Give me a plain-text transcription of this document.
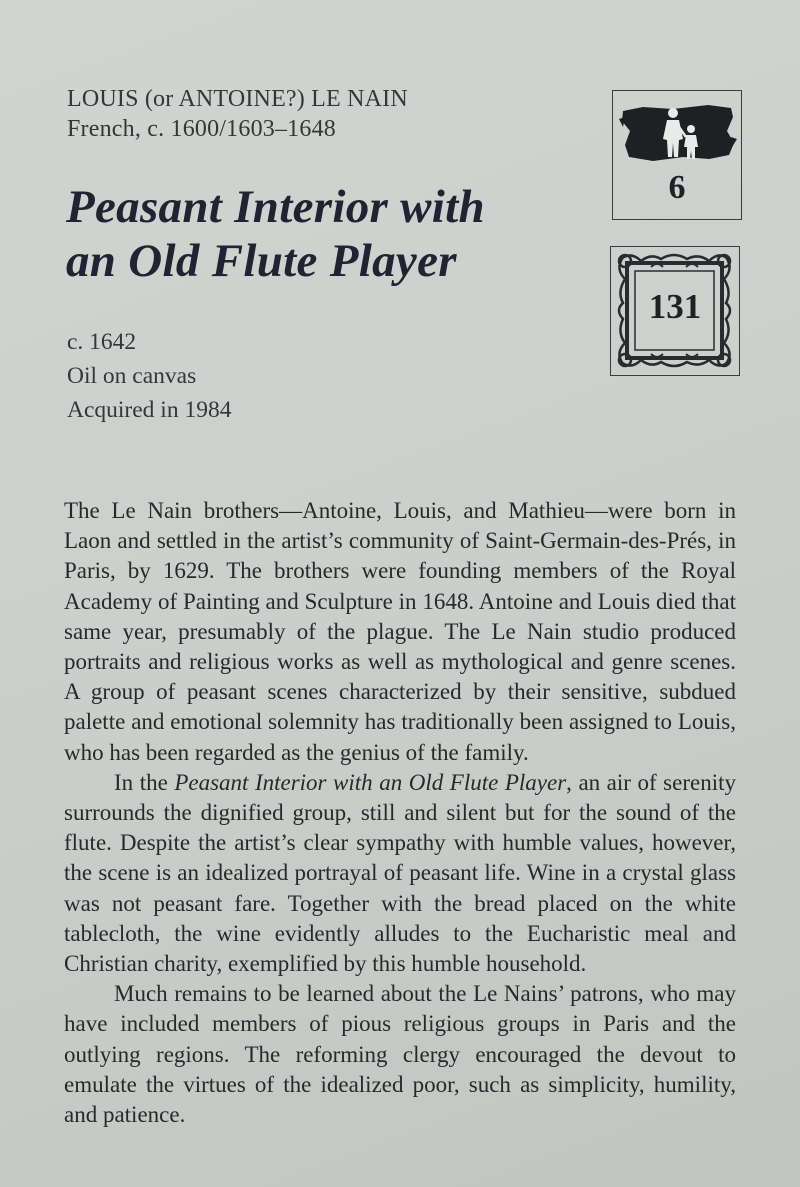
LOUIS (or ANTOINE?) LE NAIN
French, c. 1600/1603–1648
Peasant Interior with
an Old Flute Player
c. 1642
Oil on canvas
Acquired in 1984
6
131

The Le Nain brothers—Antoine, Louis, and Mathieu—were born in Laon and settled in the artist’s community of Saint-Germain-des-Prés, in Paris, by 1629. The brothers were founding members of the Royal Academy of Painting and Sculpture in 1648. Antoine and Louis died that same year, presumably of the plague. The Le Nain studio produced portraits and religious works as well as mythological and genre scenes. A group of peasant scenes characterized by their sensitive, subdued palette and emotional solemnity has traditionally been assigned to Louis, who has been regarded as the genius of the family.

In the Peasant Interior with an Old Flute Player, an air of serenity surrounds the dignified group, still and silent but for the sound of the flute. Despite the artist’s clear sympathy with humble values, however, the scene is an idealized portrayal of peasant life. Wine in a crystal glass was not peasant fare. Together with the bread placed on the white tablecloth, the wine evidently alludes to the Eucharistic meal and Christian charity, exemplified by this humble household.

Much remains to be learned about the Le Nains’ patrons, who may have included members of pious religious groups in Paris and the outlying regions. The reforming clergy encouraged the devout to emulate the virtues of the idealized poor, such as simplicity, humility, and patience.
